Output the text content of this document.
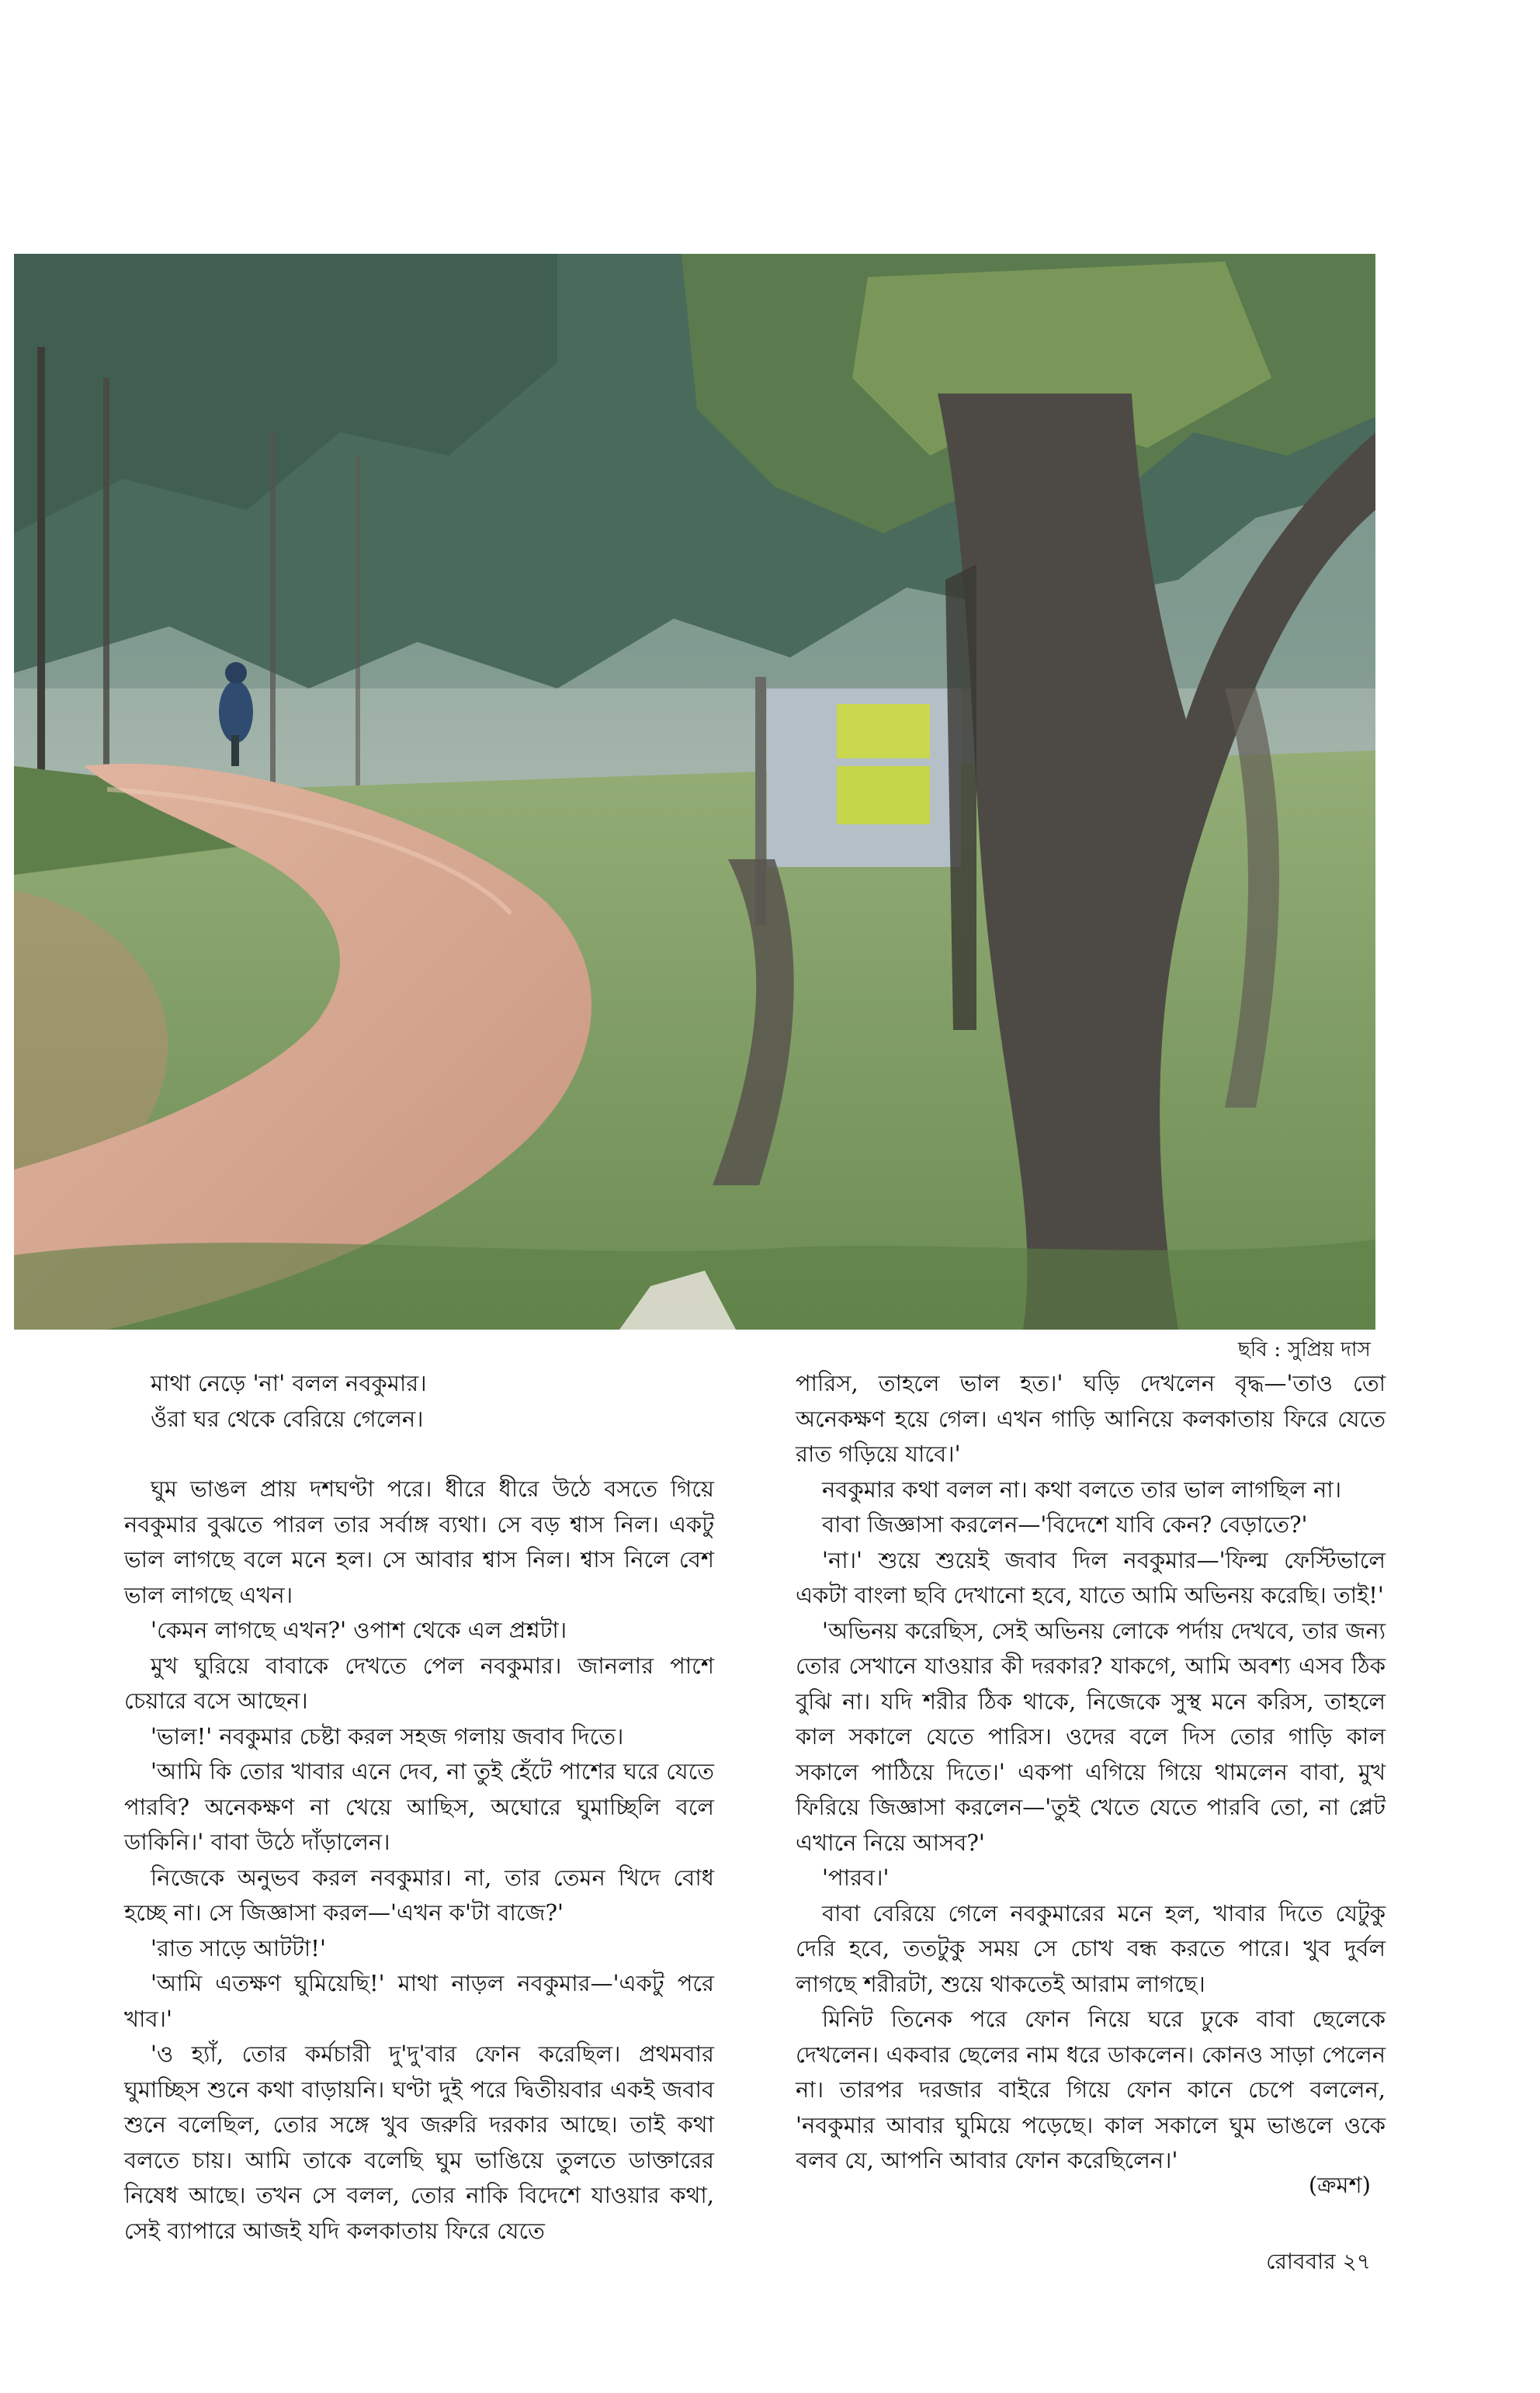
ছবি : সুপ্রিয় দাস

মাথা নেড়ে 'না' বলল নবকুমার।

ওঁরা ঘর থেকে বেরিয়ে গেলেন।

ঘুম ভাঙল প্রায় দশঘণ্টা পরে। ধীরে ধীরে উঠে বসতে গিয়ে নবকুমার বুঝতে পারল তার সর্বাঙ্গ ব্যথা। সে বড় শ্বাস নিল। একটু ভাল লাগছে বলে মনে হল। সে আবার শ্বাস নিল। শ্বাস নিলে বেশ ভাল লাগছে এখন।

'কেমন লাগছে এখন?' ওপাশ থেকে এল প্রশ্নটা।

মুখ ঘুরিয়ে বাবাকে দেখতে পেল নবকুমার। জানলার পাশে চেয়ারে বসে আছেন।

'ভাল!' নবকুমার চেষ্টা করল সহজ গলায় জবাব দিতে।

'আমি কি তোর খাবার এনে দেব, না তুই হেঁটে পাশের ঘরে যেতে পারবি? অনেকক্ষণ না খেয়ে আছিস, অঘোরে ঘুমাচ্ছিলি বলে ডাকিনি।' বাবা উঠে দাঁড়ালেন।

নিজেকে অনুভব করল নবকুমার। না, তার তেমন খিদে বোধ হচ্ছে না। সে জিজ্ঞাসা করল—'এখন ক'টা বাজে?'

'রাত সাড়ে আটটা!'

'আমি এতক্ষণ ঘুমিয়েছি!' মাথা নাড়ল নবকুমার—'একটু পরে খাব।'

'ও হ্যাঁ, তোর কর্মচারী দু'দু'বার ফোন করেছিল। প্রথমবার ঘুমাচ্ছিস শুনে কথা বাড়ায়নি। ঘণ্টা দুই পরে দ্বিতীয়বার একই জবাব শুনে বলেছিল, তোর সঙ্গে খুব জরুরি দরকার আছে। তাই কথা বলতে চায়। আমি তাকে বলেছি ঘুম ভাঙিয়ে তুলতে ডাক্তারের নিষেধ আছে। তখন সে বলল, তোর নাকি বিদেশে যাওয়ার কথা, সেই ব্যাপারে আজই যদি কলকাতায় ফিরে যেতে

পারিস, তাহলে ভাল হত।' ঘড়ি দেখলেন বৃদ্ধ—'তাও তো অনেকক্ষণ হয়ে গেল। এখন গাড়ি আনিয়ে কলকাতায় ফিরে যেতে রাত গড়িয়ে যাবে।'

নবকুমার কথা বলল না। কথা বলতে তার ভাল লাগছিল না।

বাবা জিজ্ঞাসা করলেন—'বিদেশে যাবি কেন? বেড়াতে?'

'না।' শুয়ে শুয়েই জবাব দিল নবকুমার—'ফিল্ম ফেস্টিভালে একটা বাংলা ছবি দেখানো হবে, যাতে আমি অভিনয় করেছি। তাই!'

'অভিনয় করেছিস, সেই অভিনয় লোকে পর্দায় দেখবে, তার জন্য তোর সেখানে যাওয়ার কী দরকার? যাকগে, আমি অবশ্য এসব ঠিক বুঝি না। যদি শরীর ঠিক থাকে, নিজেকে সুস্থ মনে করিস, তাহলে কাল সকালে যেতে পারিস। ওদের বলে দিস তোর গাড়ি কাল সকালে পাঠিয়ে দিতে।' একপা এগিয়ে গিয়ে থামলেন বাবা, মুখ ফিরিয়ে জিজ্ঞাসা করলেন—'তুই খেতে যেতে পারবি তো, না প্লেট এখানে নিয়ে আসব?'

'পারব।'

বাবা বেরিয়ে গেলে নবকুমারের মনে হল, খাবার দিতে যেটুকু দেরি হবে, ততটুকু সময় সে চোখ বন্ধ করতে পারে। খুব দুর্বল লাগছে শরীরটা, শুয়ে থাকতেই আরাম লাগছে।

মিনিট তিনেক পরে ফোন নিয়ে ঘরে ঢুকে বাবা ছেলেকে দেখলেন। একবার ছেলের নাম ধরে ডাকলেন। কোনও সাড়া পেলেন না। তারপর দরজার বাইরে গিয়ে ফোন কানে চেপে বললেন, 'নবকুমার আবার ঘুমিয়ে পড়েছে। কাল সকালে ঘুম ভাঙলে ওকে বলব যে, আপনি আবার ফোন করেছিলেন।'

(ক্রমশ)
রোববার ২৭
